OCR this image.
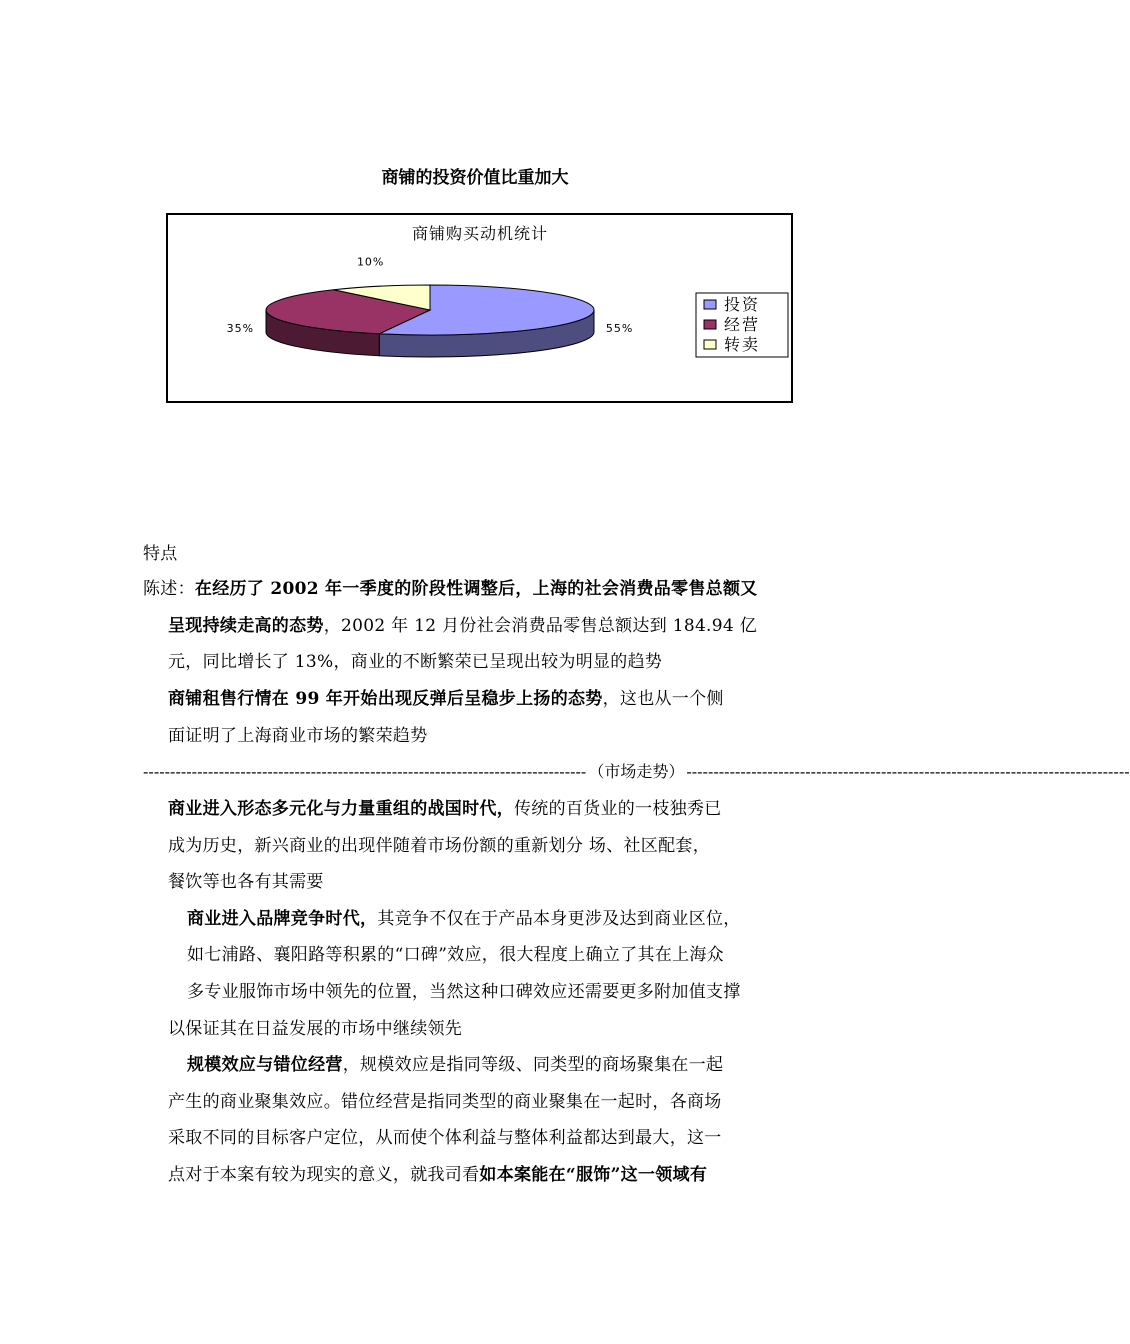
商铺的投资价值比重加大
商铺购买动机统计
55%
35%
10%
投资
经营
转卖
特点
陈述：在经历了 2002 年一季度的阶段性调整后，上海的社会消费品零售总额又
呈现持续走高的态势，2002 年 12 月份社会消费品零售总额达到 184.94 亿
元，同比增长了 13%，商业的不断繁荣已呈现出较为明显的趋势
商铺租售行情在 99 年开始出现反弹后呈稳步上扬的态势，这也从一个侧
面证明了上海商业市场的繁荣趋势
---------------------------------------------------------------------------------- （市场走势） ----------------------------------------------------------------------------------
商业进入形态多元化与力量重组的战国时代，传统的百货业的一枝独秀已
成为历史，新兴商业的出现伴随着市场份额的重新划分 场、社区配套，
餐饮等也各有其需要
商业进入品牌竞争时代，其竞争不仅在于产品本身更涉及达到商业区位，
如七浦路、襄阳路等积累的“口碑”效应，很大程度上确立了其在上海众
多专业服饰市场中领先的位置，当然这种口碑效应还需要更多附加值支撑
以保证其在日益发展的市场中继续领先
规模效应与错位经营，规模效应是指同等级、同类型的商场聚集在一起
产生的商业聚集效应。错位经营是指同类型的商业聚集在一起时，各商场
采取不同的目标客户定位，从而使个体利益与整体利益都达到最大，这一
点对于本案有较为现实的意义，就我司看如本案能在“服饰”这一领域有
